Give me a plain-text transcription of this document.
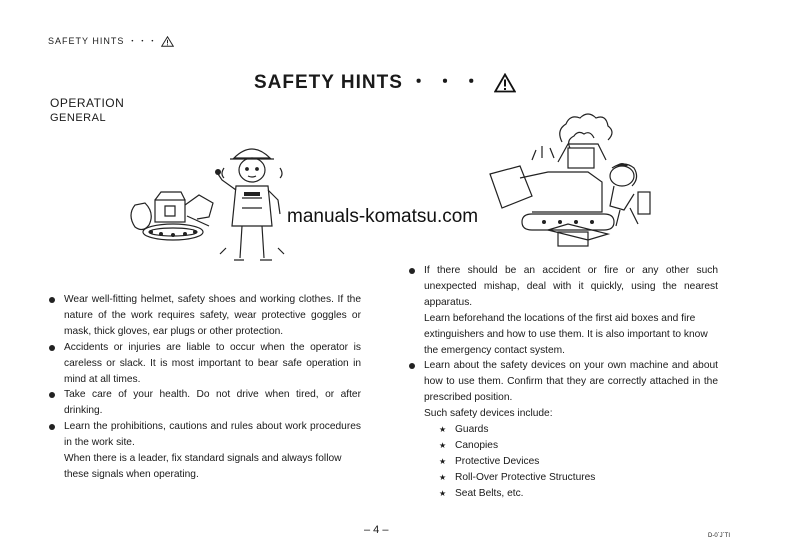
SAFETY HINTS ・・・
SAFETY HINTS ・ ・ ・
OPERATION
GENERAL
manuals-komatsu.com

Wear well-fitting helmet, safety shoes and working clothes. If the nature of the work requires safety, wear protective goggles or mask, thick gloves, ear plugs or other protection.

Accidents or injuries are liable to occur when the operator is careless or slack. It is most important to bear safe operation in mind at all times.

Take care of your health. Do not drive when tired, or after drinking.

Learn the prohibitions, cautions and rules about work procedures in the work site.

When there is a leader, fix standard signals and always follow these signals when operating.

If there should be an accident or fire or any other such unexpected mishap, deal with it quickly, using the nearest apparatus.

Learn beforehand the locations of the first aid boxes and fire extinguishers and how to use them. It is also important to know the emergency contact system.

Learn about the safety devices on your own machine and about how to use them. Confirm that they are correctly attached in the prescribed position.

Such safety devices include:

★ Guards

★ Canopies

★ Protective Devices

★ Roll-Over Protective Structures

★ Seat Belts, etc.

– 4 –	D-0´J´TI
